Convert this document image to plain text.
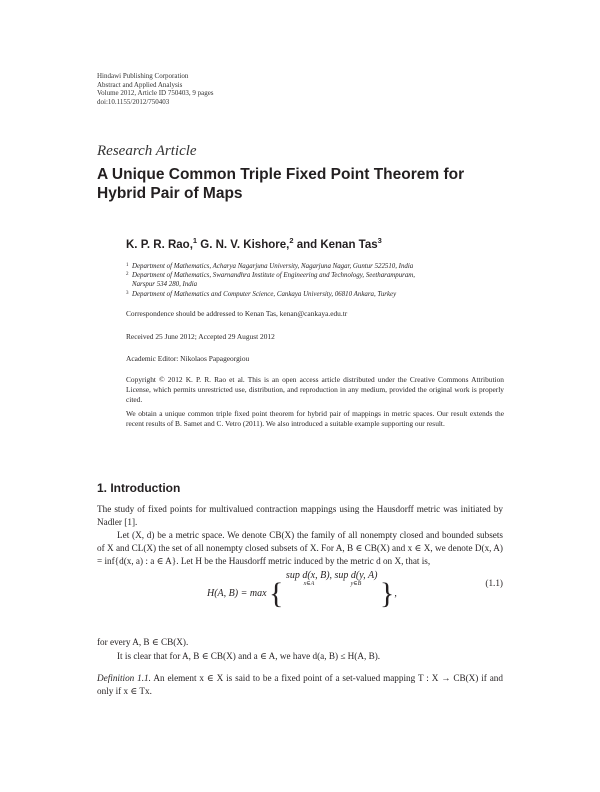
Hindawi Publishing Corporation
Abstract and Applied Analysis
Volume 2012, Article ID 750403, 9 pages
doi:10.1155/2012/750403
Research Article
A Unique Common Triple Fixed Point Theorem for Hybrid Pair of Maps
K. P. R. Rao,$^1$ G. N. V. Kishore,$^2$ and Kenan Tas$^3$
1 Department of Mathematics, Acharya Nagarjuna University, Nagarjuna Nagar, Guntur 522510, India
2 Department of Mathematics, Swarnandhra Institute of Engineering and Technology, Seetharampuram,
Narspur 534 280, India
3 Department of Mathematics and Computer Science, Cankaya University, 06810 Ankara, Turkey
Correspondence should be addressed to Kenan Tas, kenan@cankaya.edu.tr
Received 25 June 2012; Accepted 29 August 2012
Academic Editor: Nikolaos Papageorgiou
Copyright © 2012 K. P. R. Rao et al. This is an open access article distributed under the Creative Commons Attribution License, which permits unrestricted use, distribution, and reproduction in any medium, provided the original work is properly cited.
We obtain a unique common triple fixed point theorem for hybrid pair of mappings in metric spaces. Our result extends the recent results of B. Samet and C. Vetro (2011). We also introduced a suitable example supporting our result.
1. Introduction
The study of fixed points for multivalued contraction mappings using the Hausdorff metric was initiated by Nadler [1].
Let (X, d) be a metric space. We denote CB(X) the family of all nonempty closed and bounded subsets of X and CL(X) the set of all nonempty closed subsets of X. For A, B ∈ CB(X) and x ∈ X, we denote D(x, A) = inf{d(x, a) : a ∈ A}. Let H be the Hausdorff metric induced by the metric d on X, that is,
H(A, B) = max { sup d(x, B),
x∈A
sup d(y, A)
y∈B },
(1.1)
for every A, B ∈ CB(X).
It is clear that for A, B ∈ CB(X) and a ∈ A, we have d(a, B) ≤ H(A, B).
Definition 1.1. An element x ∈ X is said to be a fixed point of a set-valued mapping T : X → CB(X) if and only if x ∈ Tx.
